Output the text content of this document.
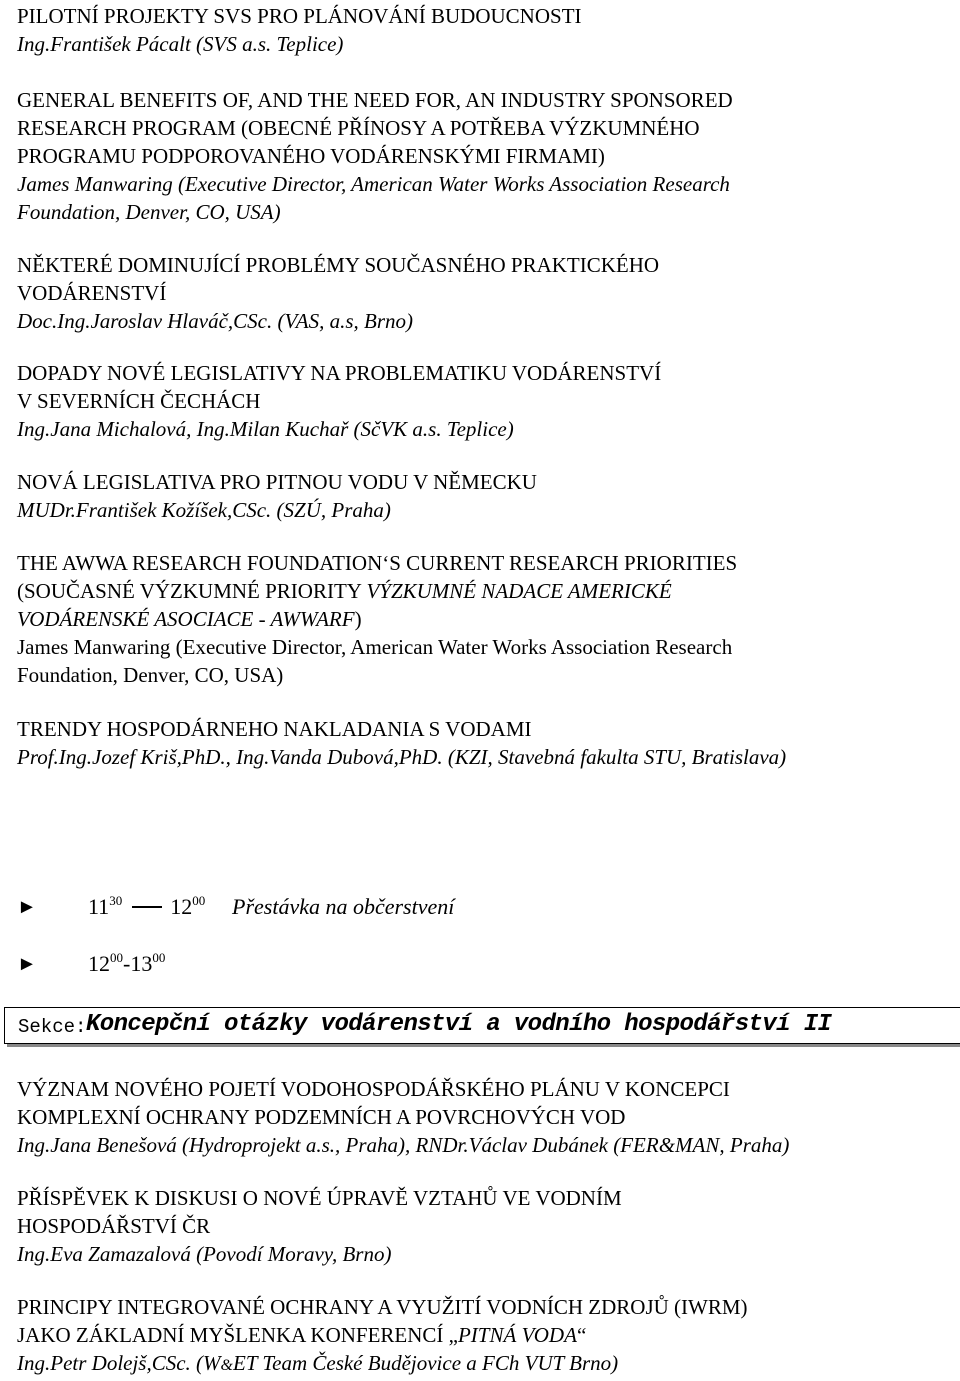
PILOTNÍ PROJEKTY SVS PRO PLÁNOVÁNÍ BUDOUCNOSTI
Ing.František Pácalt (SVS a.s. Teplice)
GENERAL BENEFITS OF, AND THE NEED FOR, AN INDUSTRY SPONSORED
RESEARCH PROGRAM (OBECNÉ PŘÍNOSY A POTŘEBA VÝZKUMNÉHO
PROGRAMU PODPOROVANÉHO VODÁRENSKÝMI FIRMAMI)
James Manwaring (Executive Director, American Water Works Association Research
Foundation, Denver, CO, USA)
NĚKTERÉ DOMINUJÍCÍ PROBLÉMY SOUČASNÉHO PRAKTICKÉHO
VODÁRENSTVÍ
Doc.Ing.Jaroslav Hlaváč,CSc. (VAS, a.s, Brno)
DOPADY NOVÉ LEGISLATIVY NA PROBLEMATIKU VODÁRENSTVÍ
V SEVERNÍCH ČECHÁCH
Ing.Jana Michalová, Ing.Milan Kuchař (SčVK a.s. Teplice)
NOVÁ LEGISLATIVA PRO PITNOU VODU V NĚMECKU
MUDr.František Kožíšek,CSc. (SZÚ, Praha)
THE AWWA RESEARCH FOUNDATION‘S CURRENT RESEARCH PRIORITIES
(SOUČASNÉ VÝZKUMNÉ PRIORITY VÝZKUMNÉ NADACE AMERICKÉ
VODÁRENSKÉ ASOCIACE - AWWARF)
James Manwaring (Executive Director, American Water Works Association Research
Foundation, Denver, CO, USA)
TRENDY HOSPODÁRNEHO NAKLADANIA S VODAMI
Prof.Ing.Jozef Kriš,PhD., Ing.Vanda Dubová,PhD. (KZI, Stavebná fakulta STU, Bratislava)
► $11^{30}$ $12^{00}$ Přestávka na občerstvení
► $12^{00}-13^{00}$
Sekce: Koncepční otázky vodárenství a vodního hospodářství II
VÝZNAM NOVÉHO POJETÍ VODOHOSPODÁŘSKÉHO PLÁNU V KONCEPCI
KOMPLEXNÍ OCHRANY PODZEMNÍCH A POVRCHOVÝCH VOD
Ing.Jana Benešová (Hydroprojekt a.s., Praha), RNDr.Václav Dubánek (FER&MAN, Praha)
PŘÍSPĚVEK K DISKUSI O NOVÉ ÚPRAVĚ VZTAHŮ VE VODNÍM
HOSPODÁŘSTVÍ ČR
Ing.Eva Zamazalová (Povodí Moravy, Brno)
PRINCIPY INTEGROVANÉ OCHRANY A VYUŽITÍ VODNÍCH ZDROJŮ (IWRM)
JAKO ZÁKLADNÍ MYŠLENKA KONFERENCÍ „PITNÁ VODA“
Ing.Petr Dolejš,CSc. (W&ET Team České Budějovice a FCh VUT Brno)
